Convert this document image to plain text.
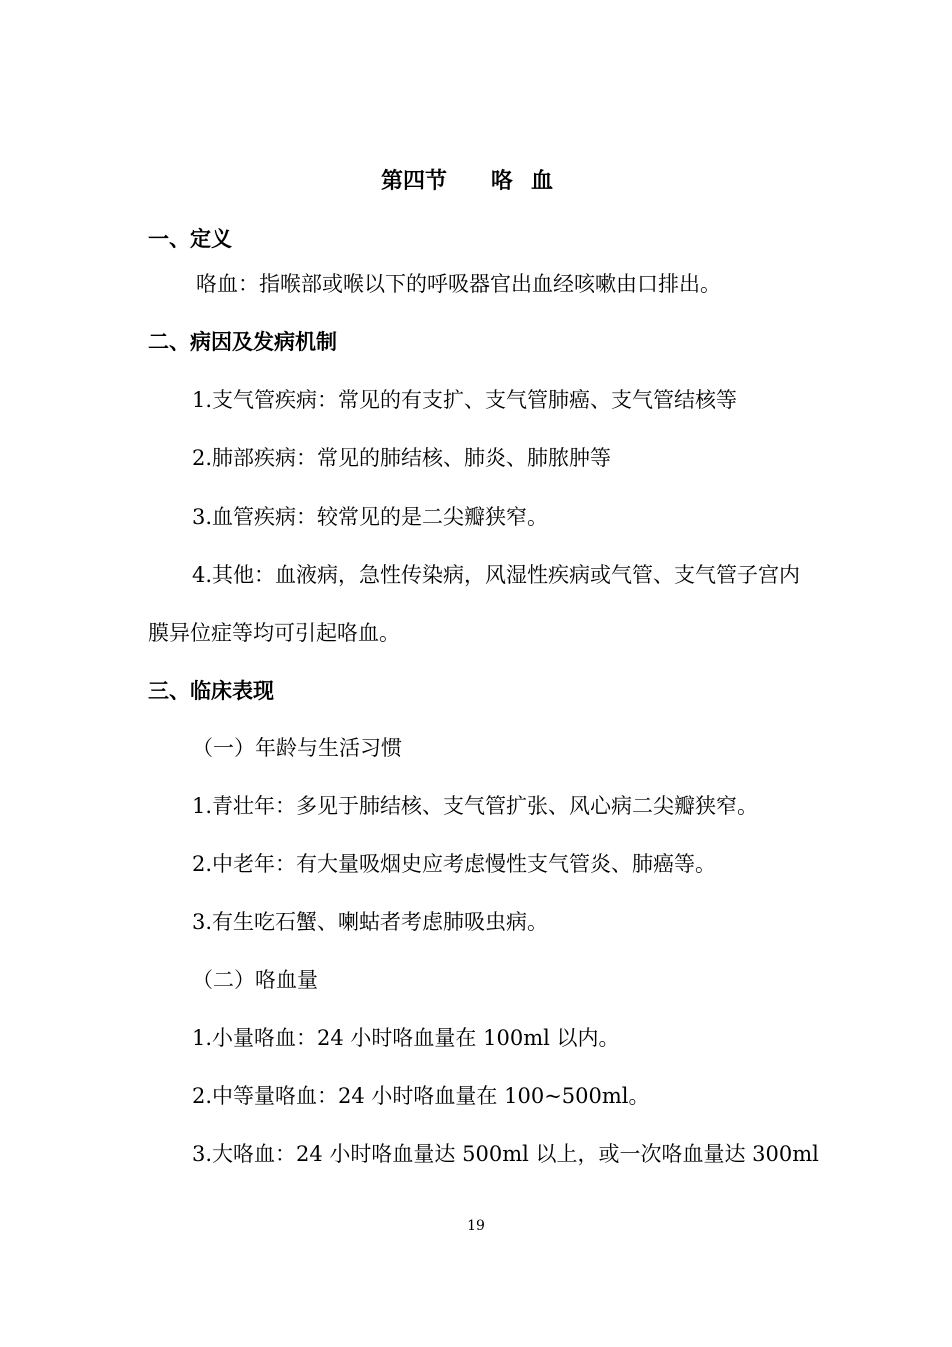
第四节 咯血
一、定义
咯血：指喉部或喉以下的呼吸器官出血经咳嗽由口排出。
二、病因及发病机制
1.支气管疾病：常见的有支扩、支气管肺癌、支气管结核等
2.肺部疾病：常见的肺结核、肺炎、肺脓肿等
3.血管疾病：较常见的是二尖瓣狭窄。
4.其他：血液病，急性传染病，风湿性疾病或气管、支气管子宫内
膜异位症等均可引起咯血。
三、临床表现
（一）年龄与生活习惯
1.青壮年：多见于肺结核、支气管扩张、风心病二尖瓣狭窄。
2.中老年：有大量吸烟史应考虑慢性支气管炎、肺癌等。
3.有生吃石蟹、喇蛄者考虑肺吸虫病。
（二）咯血量
1.小量咯血：24 小时咯血量在 100ml 以内。
2.中等量咯血：24 小时咯血量在 100~500ml。
3.大咯血：24 小时咯血量达 500ml 以上，或一次咯血量达 300ml
19
